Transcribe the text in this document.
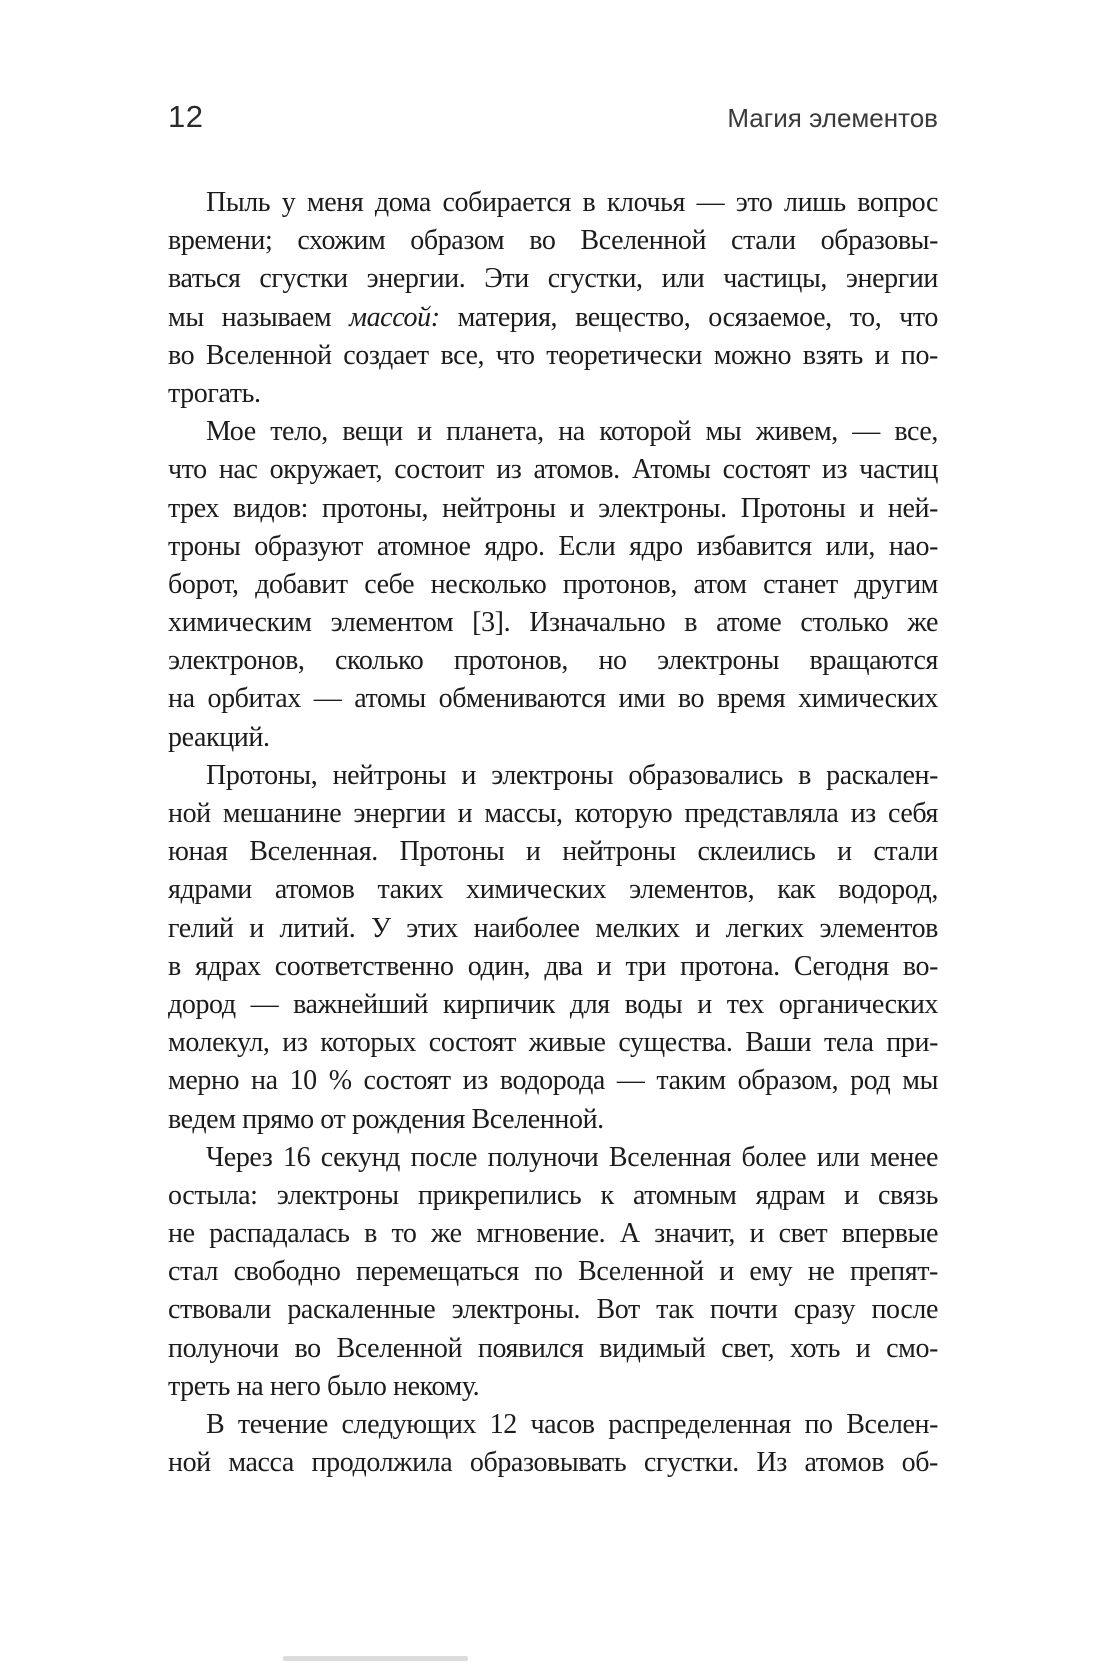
12	Магия элементов
Пыль у меня дома собирается в клочья — это лишь вопрос
времени; схожим образом во Вселенной стали образовы-
ваться сгустки энергии. Эти сгустки, или частицы, энергии
мы называем массой: материя, вещество, осязаемое, то, что
во Вселенной создает все, что теоретически можно взять и по-
трогать.
Мое тело, вещи и планета, на которой мы живем, — все,
что нас окружает, состоит из атомов. Атомы состоят из частиц
трех видов: протоны, нейтроны и электроны. Протоны и ней-
троны образуют атомное ядро. Если ядро избавится или, нао-
борот, добавит себе несколько протонов, атом станет другим
химическим элементом [3]. Изначально в атоме столько же
электронов, сколько протонов, но электроны вращаются
на орбитах — атомы обмениваются ими во время химических
реакций.
Протоны, нейтроны и электроны образовались в раскален-
ной мешанине энергии и массы, которую представляла из себя
юная Вселенная. Протоны и нейтроны склеились и стали
ядрами атомов таких химических элементов, как водород,
гелий и литий. У этих наиболее мелких и легких элементов
в ядрах соответственно один, два и три протона. Сегодня во-
дород — важнейший кирпичик для воды и тех органических
молекул, из которых состоят живые существа. Ваши тела при-
мерно на 10 % состоят из водорода — таким образом, род мы
ведем прямо от рождения Вселенной.
Через 16 секунд после полуночи Вселенная более или менее
остыла: электроны прикрепились к атомным ядрам и связь
не распадалась в то же мгновение. А значит, и свет впервые
стал свободно перемещаться по Вселенной и ему не препят-
ствовали раскаленные электроны. Вот так почти сразу после
полуночи во Вселенной появился видимый свет, хоть и смо-
треть на него было некому.
В течение следующих 12 часов распределенная по Вселен-
ной масса продолжила образовывать сгустки. Из атомов об-
